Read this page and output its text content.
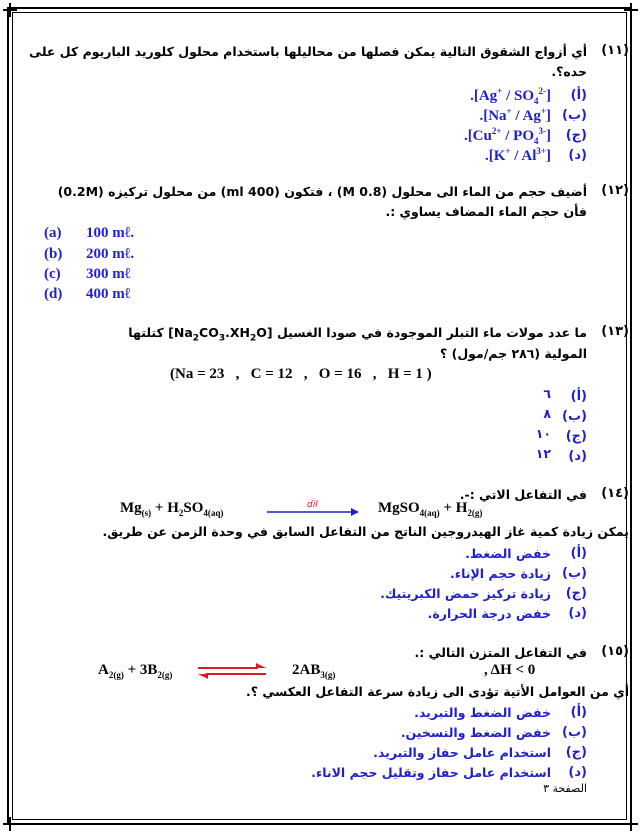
(١١)
أي أزواج الشقوق التالية يمكن فصلها من محاليلها باستخدام محلول كلوريد الباريوم كل على
حده؟.
(أ)
$.[Ag^+ / SO_4^{2-}]$
(ب)
.[Na+ / Ag+]
(ج)
$.[Cu^{2+} / PO_4^{3-}]$
(د)
$.[K^+ / Al^{3+}]$
(١٢)
أضيف حجم من الماء الى محلول (0.8 M) ، فتكون (400 ml) من محلول تركيزه (0.2M)
فأن حجم الماء المضاف يساوي :.
(a) 100 mℓ.
(b) 200 mℓ.
(c) 300 mℓ
(d) 400 mℓ
(١٣)
ما عدد مولات ماء التبلر الموجودة في صودا الغسيل $[Na_2CO_3.XH_2O]$ كتلتها
المولية (٢٨٦ جم/مول) ؟
(Na = 23   ,   C = 12   ,   O = 16   ,   H = 1 )
(أ)
٦
(ب)
٨
(ج)
١٠
(د)
١٢
(١٤)
في التفاعل الاتي :-.
$Mg_{(s)} + H_2SO_{4(aq)}$
dil	MgSO$_{4(aq)}$ + $H_{2(g)}$
يمكن زيادة كمية غاز الهيدروجين الناتج من التفاعل السابق في وحدة الزمن عن طريق.
(أ)
خفض الضغط.
(ب)
زيادة حجم الإناء.
(ج)
زيادة تركيز حمض الكبريتيك.
(د)
خفض درجة الحرارة.
(١٥)
في التفاعل المتزن التالي :.
$A_{2(g)} + 3B_{2(g)}$	$2AB_{3(g)}$	, ΔH < 0
أي من العوامل الأتية تؤدى الى زيادة سرعة التفاعل العكسي ؟.
(أ)
خفض الضغط والتبريد.
(ب)
خفض الضغط والتسخين.
(ج)
استخدام عامل حفاز والتبريد.
(د)
استخدام عامل حفاز وتقليل حجم الاناء.
الصفحة ٣
